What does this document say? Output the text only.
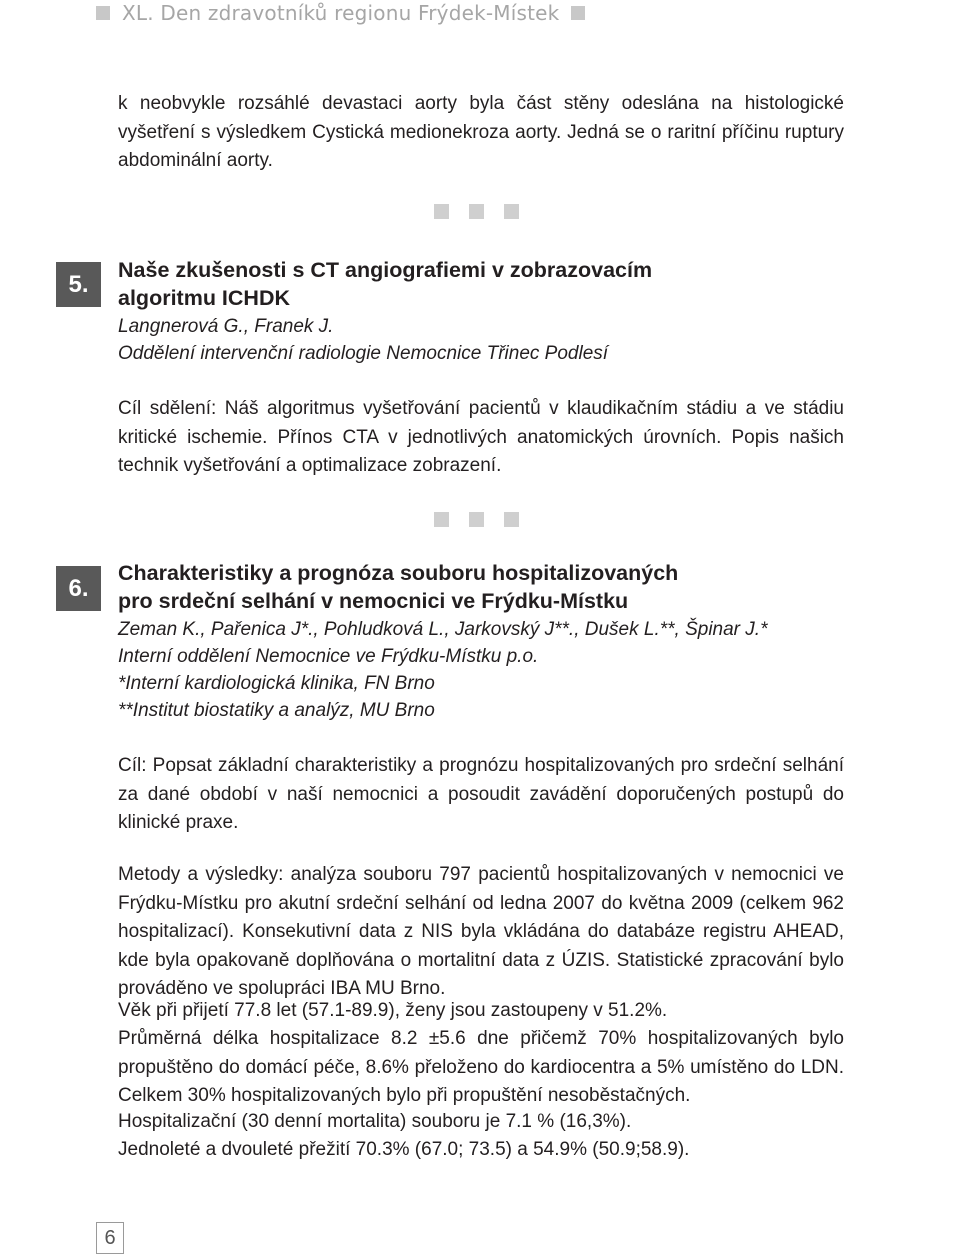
XL. Den zdravotníků regionu Frýdek-Místek

k neobvykle rozsáhlé devastaci aorty byla část stěny odeslána na histologické vyšetření s výsledkem Cystická medionekroza aorty. Jedná se o raritní příčinu ruptury abdominální aorty.

5.
Naše zkušenosti s CT angiografiemi v zobrazovacím
algoritmu ICHDK

Langnerová G., Franek J.
Oddělení intervenční radiologie Nemocnice Třinec Podlesí

Cíl sdělení: Náš algoritmus vyšetřování pacientů v klaudikačním stádiu a ve stádiu kritické ischemie. Přínos CTA v jednotlivých anatomických úrovních. Popis našich technik vyšetřování a optimalizace zobrazení.

6.
Charakteristiky a prognóza souboru hospitalizovaných
pro srdeční selhání v nemocnici ve Frýdku-Místku

Zeman K., Pařenica J*., Pohludková L., Jarkovský J**., Dušek L.**, Špinar J.*
Interní oddělení Nemocnice ve Frýdku-Místku p.o.
*Interní kardiologická klinika, FN Brno
**Institut biostatiky a analýz, MU Brno

Cíl: Popsat základní charakteristiky a prognózu hospitalizovaných pro srdeční selhání za dané období v naší nemocnici a posoudit zavádění doporučených postupů do klinické praxe.

Metody a výsledky: analýza souboru 797 pacientů hospitalizovaných v nemocnici ve Frýdku-Místku pro akutní srdeční selhání od ledna 2007 do května 2009 (celkem 962 hospitalizací). Konsekutivní data z NIS byla vkládána do databáze registru AHEAD, kde byla opakovaně doplňována o mortalitní data z ÚZIS. Statistické zpracování bylo prováděno ve spolupráci IBA MU Brno.

Věk při přijetí 77.8 let (57.1-89.9), ženy jsou zastoupeny v 51.2%.

Průměrná délka hospitalizace 8.2 ±5.6 dne přičemž 70% hospitalizovaných bylo propuštěno do domácí péče, 8.6% přeloženo do kardiocentra a 5% umístěno do LDN. Celkem 30% hospitalizovaných bylo při propuštění nesoběstačných.

Hospitalizační (30 denní mortalita) souboru je 7.1 % (16,3%).

Jednoleté a dvouleté přežití 70.3% (67.0; 73.5) a 54.9% (50.9;58.9).

6
